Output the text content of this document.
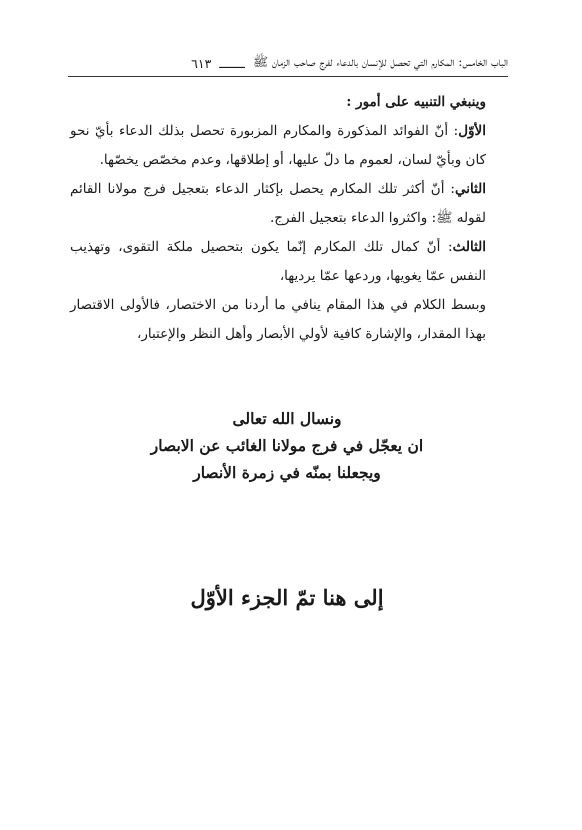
الباب الخامس: المكارم التي تحصل للإنسان بالدعاء لفرج صاحب الزمان ﷺ
ـــــــ
٦١٣

وينبغي التنبيه على أمور :

الأوّل: أنّ الفوائد المذكورة والمكارم المزبورة تحصل بذلك الدعاء بأيّ نحو كان وبأيّ لسان، لعموم ما دلّ عليها، أو إطلاقها، وعدم مخصّص يخصّها.

الثاني: أنّ أكثر تلك المكارم يحصل بإكثار الدعاء بتعجيل فرج مولانا القائم لقوله ﷺ: واكثروا الدعاء بتعجيل الفرج.

الثالث: أنّ كمال تلك المكارم إنّما يكون بتحصيل ملكة التقوى، وتهذيب النفس عمّا يغويها، وردعها عمّا يرديها،

وبسط الكلام في هذا المقام ينافي ما أردنا من الاختصار، فالأولى الاقتصار بهذا المقدار، والإشارة كافية لأولي الأبصار وأهل النظر والإعتبار،

ونسال الله تعالى

ان يعجّل في فرج مولانا الغائب عن الابصار

ويجعلنا بمنّه في زمرة الأنصار

إلى هنا تمّ الجزء الأوّل
